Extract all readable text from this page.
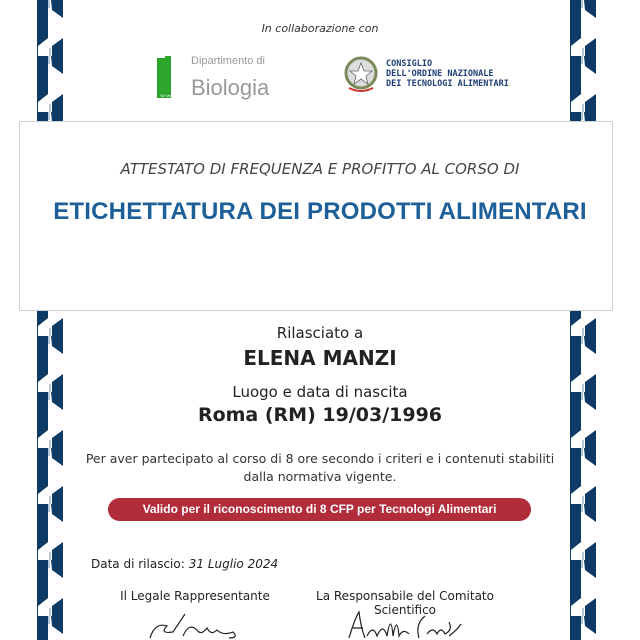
In collaborazione con
Dipartimento di
Biologia
Tor Vergata
CONSIGLIO
DELL'ORDINE NAZIONALE
DEI TECNOLOGI ALIMENTARI
ATTESTATO DI FREQUENZA E PROFITTO AL CORSO DI
ETICHETTATURA DEI PRODOTTI ALIMENTARI
Rilasciato a
ELENA MANZI
Luogo e data di nascita
Roma (RM) 19/03/1996
Per aver partecipato al corso di 8 ore secondo i criteri e i contenuti stabiliti
dalla normativa vigente.
Valido per il riconoscimento di 8 CFP per Tecnologi Alimentari
Data di rilascio: 31 Luglio 2024
Il Legale Rappresentante	La Responsabile del Comitato Scientifico
